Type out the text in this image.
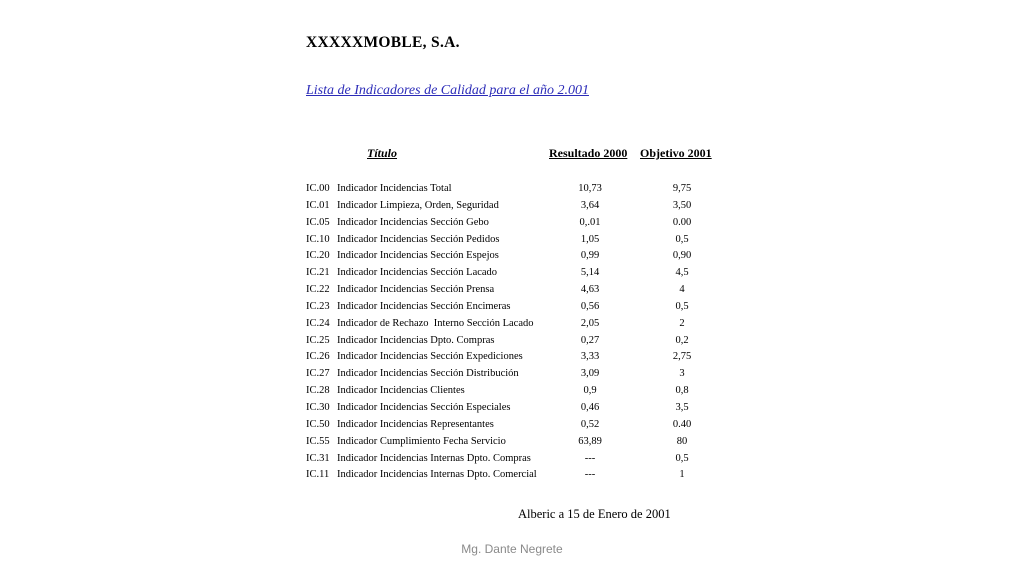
XXXXXMOBLE, S.A.
Lista de Indicadores de Calidad para el año 2.001
Título	Resultado 2000 Objetivo 2001
IC.00 Indicador Incidencias Total	10,73	9,75
IC.01 Indicador Limpieza, Orden, Seguridad	3,64	3,50
IC.05 Indicador Incidencias Sección Gebo	0,.01	0.00
IC.10 Indicador Incidencias Sección Pedidos	1,05	0,5
IC.20 Indicador Incidencias Sección Espejos	0,99	0,90
IC.21 Indicador Incidencias Sección Lacado	5,14	4,5
IC.22 Indicador Incidencias Sección Prensa	4,63	4
IC.23 Indicador Incidencias Sección Encimeras	0,56	0,5
IC.24 Indicador de Rechazo  Interno Sección Lacado	2,05	2
IC.25 Indicador Incidencias Dpto. Compras	0,27	0,2
IC.26 Indicador Incidencias Sección Expediciones	3,33	2,75
IC.27 Indicador Incidencias Sección Distribución	3,09	3
IC.28 Indicador Incidencias Clientes	0,9	0,8
IC.30 Indicador Incidencias Sección Especiales	0,46	3,5
IC.50 Indicador Incidencias Representantes	0,52	0.40
IC.55 Indicador Cumplimiento Fecha Servicio	63,89	80
IC.31 Indicador Incidencias Internas Dpto. Compras	---	0,5
IC.11 Indicador Incidencias Internas Dpto. Comercial	---	1
Alberic a 15 de Enero de 2001
Mg. Dante Negrete
